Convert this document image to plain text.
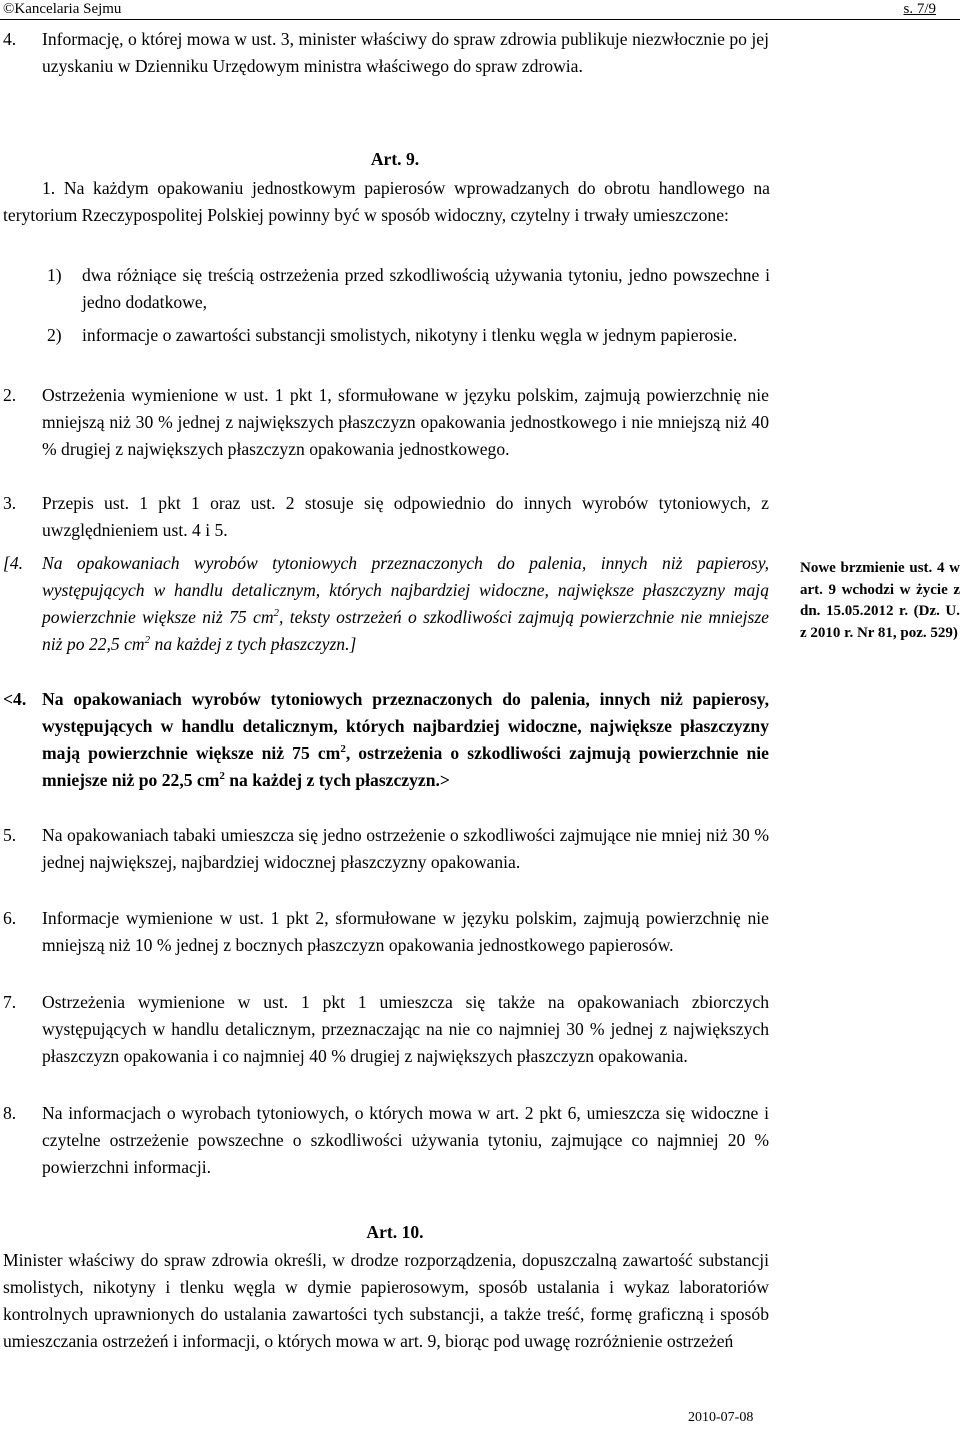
©Kancelaria Sejmu	s. 7/9
4. Informację, o której mowa w ust. 3, minister właściwy do spraw zdrowia publikuje niezwłocznie po jej uzyskaniu w Dzienniku Urzędowym ministra właściwego do spraw zdrowia.
Art. 9.
1. Na każdym opakowaniu jednostkowym papierosów wprowadzanych do obrotu handlowego na terytorium Rzeczypospolitej Polskiej powinny być w sposób widoczny, czytelny i trwały umieszczone:
1) dwa różniące się treścią ostrzeżenia przed szkodliwością używania tytoniu, jedno powszechne i jedno dodatkowe,
2) informacje o zawartości substancji smolistych, nikotyny i tlenku węgla w jednym papierosie.
Ostrzeżenia wymienione w ust. 1 pkt 1, sformułowane w języku polskim, zajmują powierzchnię nie mniejszą niż 30 % jednej z największych płaszczyzn opakowania jednostkowego i nie mniejszą niż 40 % drugiej z największych płaszczyzn opakowania jednostkowego.
2.
3. Przepis ust. 1 pkt 1 oraz ust. 2 stosuje się odpowiednio do innych wyrobów tytoniowych, z uwzględnieniem ust. 4 i 5.
[4. Na opakowaniach wyrobów tytoniowych przeznaczonych do palenia, innych niż papierosy, występujących w handlu detalicznym, których najbardziej widoczne, największe płaszczyzny mają powierzchnie większe niż 75 $cm^2$, teksty ostrzeżeń o szkodliwości zajmują powierzchnie nie mniejsze niż po 22,5 $cm^2$ na każdej z tych płaszczyzn.]
<4. Na opakowaniach wyrobów tytoniowych przeznaczonych do palenia, innych niż papierosy, występujących w handlu detalicznym, których najbardziej widoczne, największe płaszczyzny mają powierzchnie większe niż 75 $cm^2$, ostrzeżenia o szkodliwości zajmują powierzchnie nie mniejsze niż po 22,5 $cm^2$ na każdej z tych płaszczyzn.>
Nowe brzmienie ust. 4 w art. 9 wchodzi w życie z dn. 15.05.2012 r. (Dz. U. z 2010 r. Nr 81, poz. 529)
5. Na opakowaniach tabaki umieszcza się jedno ostrzeżenie o szkodliwości zajmujące nie mniej niż 30 % jednej największej, najbardziej widocznej płaszczyzny opakowania.
6. Informacje wymienione w ust. 1 pkt 2, sformułowane w języku polskim, zajmują powierzchnię nie mniejszą niż 10 % jednej z bocznych płaszczyzn opakowania jednostkowego papierosów.
7. Ostrzeżenia wymienione w ust. 1 pkt 1 umieszcza się także na opakowaniach zbiorczych występujących w handlu detalicznym, przeznaczając na nie co najmniej 30 % jednej z największych płaszczyzn opakowania i co najmniej 40 % drugiej z największych płaszczyzn opakowania.
8. Na informacjach o wyrobach tytoniowych, o których mowa w art. 2 pkt 6, umieszcza się widoczne i czytelne ostrzeżenie powszechne o szkodliwości używania tytoniu, zajmujące co najmniej 20 % powierzchni informacji.
Art. 10.
Minister właściwy do spraw zdrowia określi, w drodze rozporządzenia, dopuszczalną zawartość substancji smolistych, nikotyny i tlenku węgla w dymie papierosowym, sposób ustalania i wykaz laboratoriów kontrolnych uprawnionych do ustalania zawartości tych substancji, a także treść, formę graficzną i sposób umieszczania ostrzeżeń i informacji, o których mowa w art. 9, biorąc pod uwagę rozróżnienie ostrzeżeń
2010-07-08
